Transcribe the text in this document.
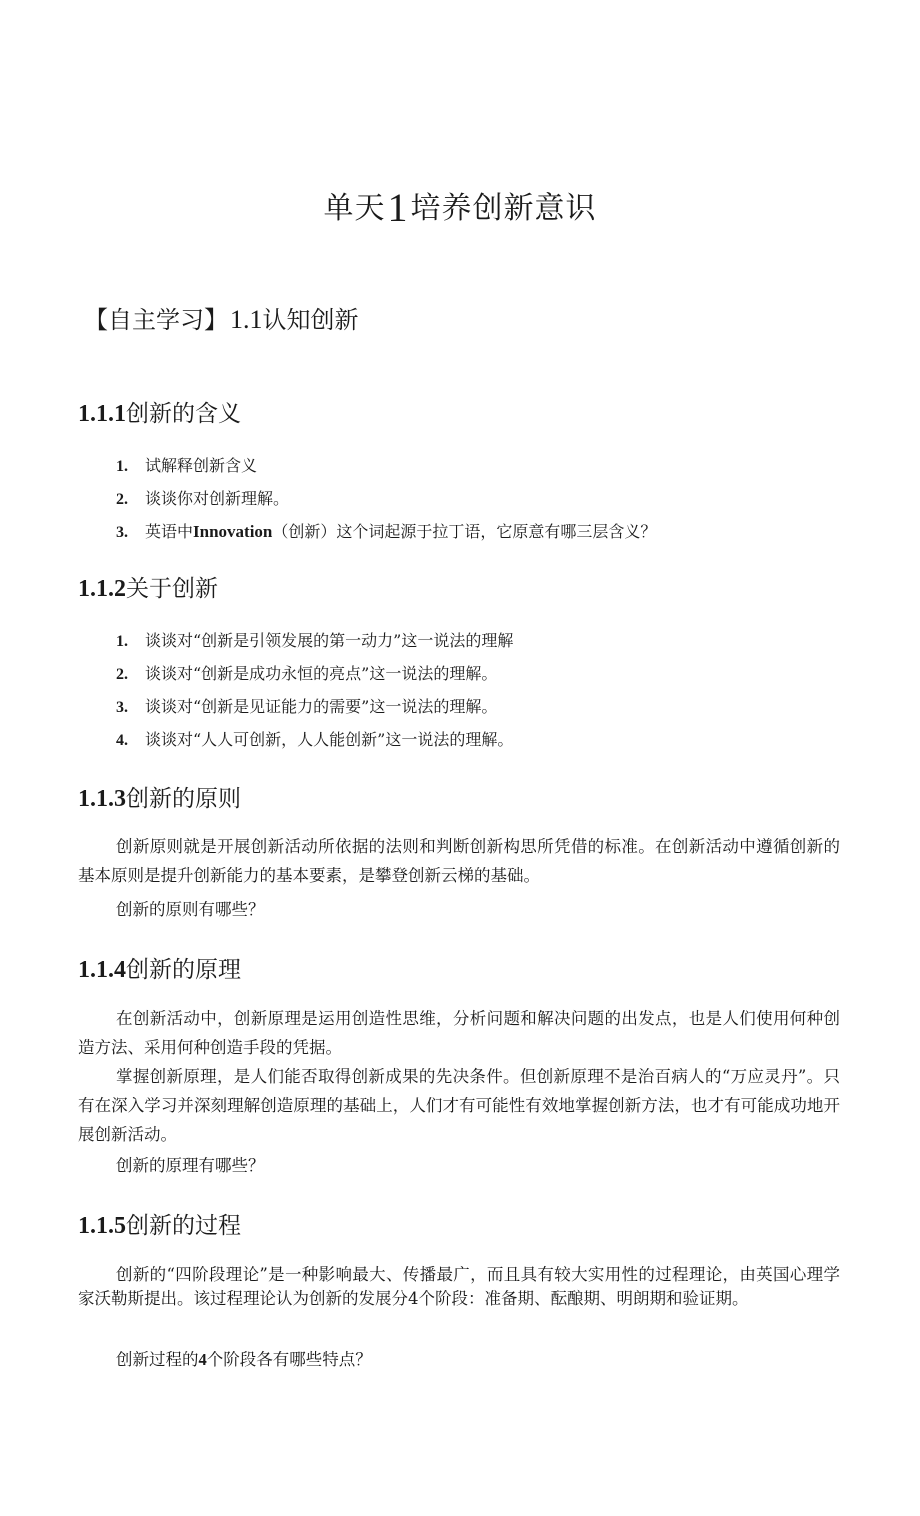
单天1培养创新意识
【自主学习】1.1认知创新
1.1.1创新的含义
1. 试解释创新含义
2. 谈谈你对创新理解。
3. 英语中Innovation（创新）这个词起源于拉丁语，它原意有哪三层含义？
1.1.2关于创新
1. 谈谈对“创新是引领发展的第一动力”这一说法的理解
2. 谈谈对“创新是成功永恒的亮点”这一说法的理解。
3. 谈谈对“创新是见证能力的需要”这一说法的理解。
4. 谈谈对“人人可创新，人人能创新”这一说法的理解。
1.1.3创新的原则

创新原则就是开展创新活动所依据的法则和判断创新构思所凭借的标准。在创新活动中遵循创新的基本原则是提升创新能力的基本要素，是攀登创新云梯的基础。

创新的原则有哪些？

1.1.4创新的原理

在创新活动中，创新原理是运用创造性思维，分析问题和解决问题的出发点，也是人们使用何种创造方法、采用何种创造手段的凭据。

掌握创新原理，是人们能否取得创新成果的先决条件。但创新原理不是治百病人的“万应灵丹”。只有在深入学习并深刻理解创造原理的基础上，人们才有可能性有效地掌握创新方法，也才有可能成功地开展创新活动。

创新的原理有哪些？

1.1.5创新的过程

创新的“四阶段理论”是一种影响最大、传播最广，而且具有较大实用性的过程理论，由英国心理学家沃勒斯提出。该过程理论认为创新的发展分4个阶段：准备期、酝酿期、明朗期和验证期。

创新过程的4个阶段各有哪些特点？
